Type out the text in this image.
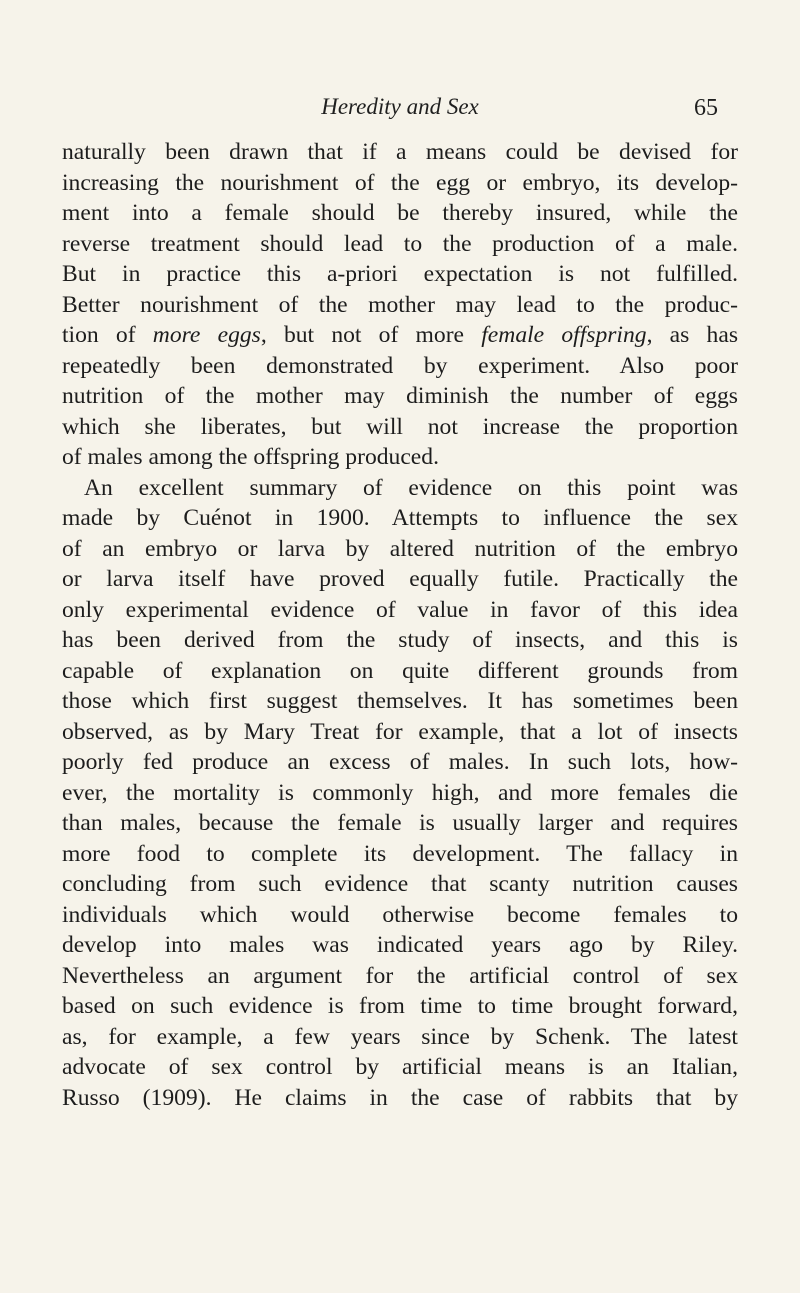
Heredity and Sex	65
naturally been drawn that if a means could be devised for
increasing the nourishment of the egg or embryo, its develop-
ment into a female should be thereby insured, while the
reverse treatment should lead to the production of a male.
But in practice this a-priori expectation is not fulfilled.
Better nourishment of the mother may lead to the produc-
tion of more eggs, but not of more female offspring, as has
repeatedly been demonstrated by experiment. Also poor
nutrition of the mother may diminish the number of eggs
which she liberates, but will not increase the proportion
of males among the offspring produced.
An excellent summary of evidence on this point was
made by Cuénot in 1900. Attempts to influence the sex
of an embryo or larva by altered nutrition of the embryo
or larva itself have proved equally futile. Practically the
only experimental evidence of value in favor of this idea
has been derived from the study of insects, and this is
capable of explanation on quite different grounds from
those which first suggest themselves. It has sometimes been
observed, as by Mary Treat for example, that a lot of insects
poorly fed produce an excess of males. In such lots, how-
ever, the mortality is commonly high, and more females die
than males, because the female is usually larger and requires
more food to complete its development. The fallacy in
concluding from such evidence that scanty nutrition causes
individuals which would otherwise become females to
develop into males was indicated years ago by Riley.
Nevertheless an argument for the artificial control of sex
based on such evidence is from time to time brought forward,
as, for example, a few years since by Schenk. The latest
advocate of sex control by artificial means is an Italian,
Russo (1909). He claims in the case of rabbits that by
